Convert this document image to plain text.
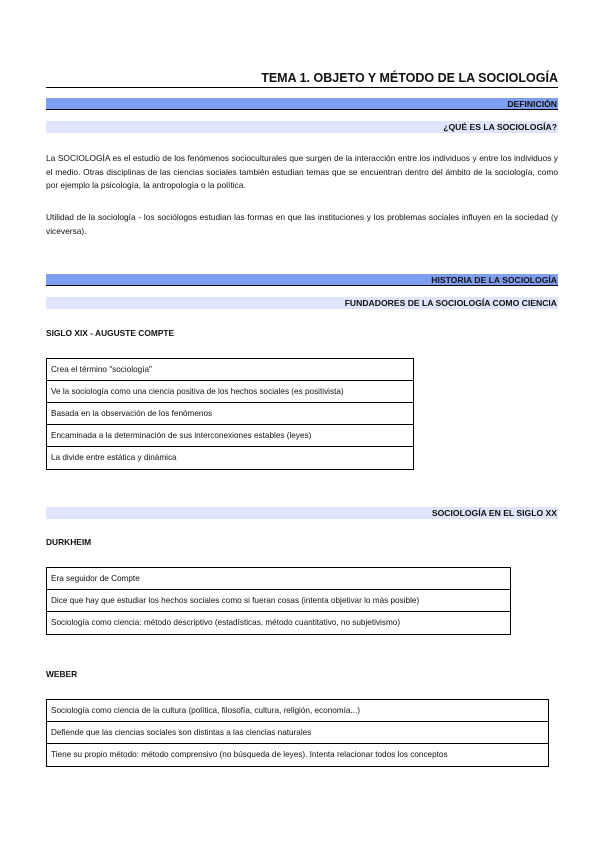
TEMA 1. OBJETO Y MÉTODO DE LA SOCIOLOGÍA
DEFINICIÓN
¿QUÉ ES LA SOCIOLOGÍA?

La SOCIOLOGÍA es el estudio de los fenómenos socioculturales que surgen de la interacción entre los individuos y entre los individuos y el medio. Otras disciplinas de las ciencias sociales también estudian temas que se encuentran dentro del ámbito de la sociología, como por ejemplo la psicología, la antropología o la política.

Utilidad de la sociología - los sociólogos estudian las formas en que las instituciones y los problemas sociales influyen en la sociedad (y viceversa).

HISTORIA DE LA SOCIOLOGÍA
FUNDADORES DE LA SOCIOLOGÍA COMO CIENCIA
SIGLO XIX - AUGUSTE COMPTE
Crea el término "sociología"
Ve la sociología como una ciencia positiva de los hechos sociales (es positivista)
Basada en la observación de los fenómenos
Encaminada a la determinación de sus interconexiones estables (leyes)
La divide entre estática y dinámica
SOCIOLOGÍA EN EL SIGLO XX
DURKHEIM
Era seguidor de Compte
Dice que hay que estudiar los hechos sociales como si fueran cosas (intenta objetivar lo más posible)
Sociología como ciencia: método descriptivo (estadísticas, método cuantitativo, no subjetivismo)
WEBER
Sociología como ciencia de la cultura (política, filosofía, cultura, religión, economía...)
Defiende que las ciencias sociales son distintas a las ciencias naturales
Tiene su propio método: método comprensivo (no búsqueda de leyes). Intenta relacionar todos los conceptos
